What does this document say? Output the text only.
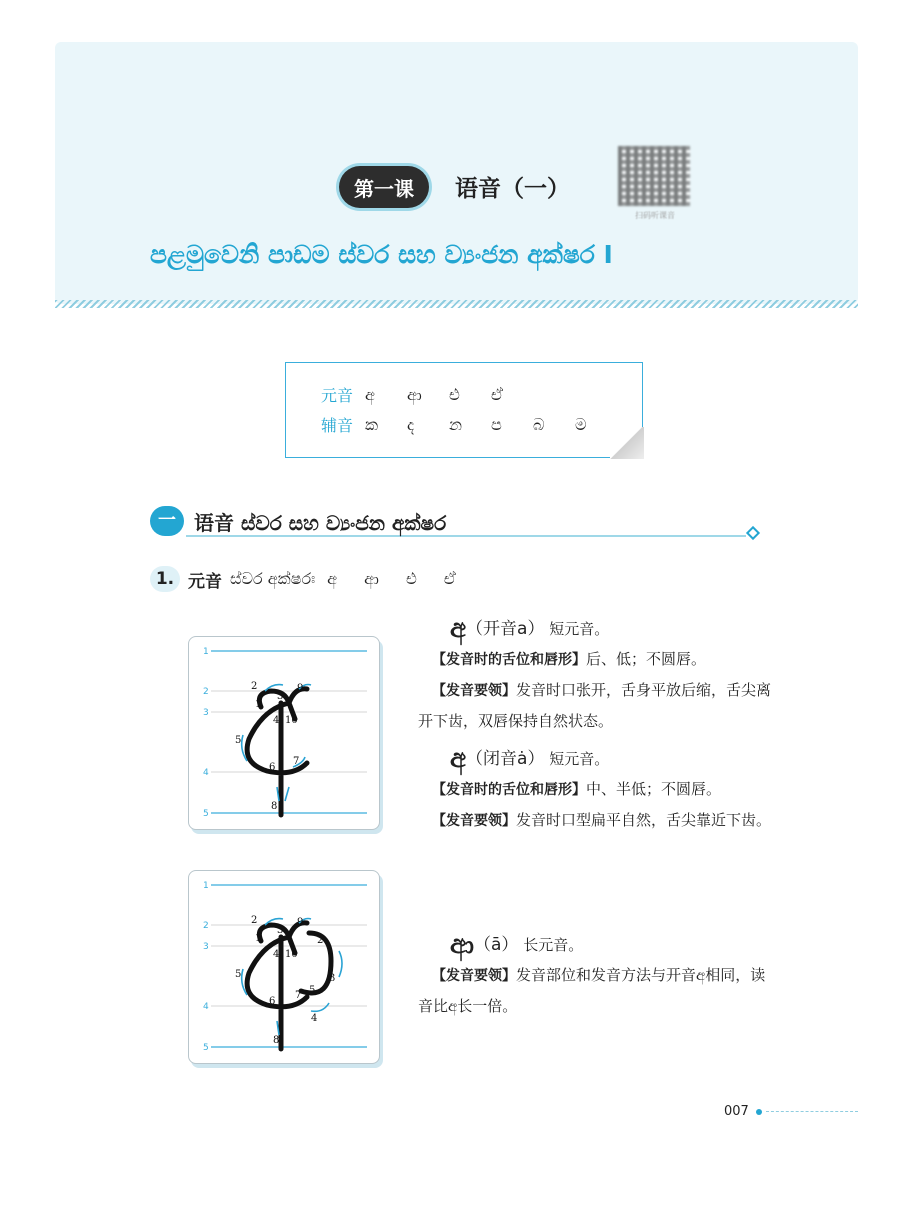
第一课	语音（一）
扫码听课音
පළමුවෙනි පාඩම ස්වර සහ ව්‍යංජන අක්ෂර I
元音 අ	ආ	එ	ඒ
辅音 ක	ද	න	ප	බ	ම
一 语音 ස්වර සහ ව්‍යංජන අක්ෂර
1. 元音 ස්වර අක්ෂරඃ අ ආ එ ඒ
1
2
3
4
5
2
3
9
1
4 10
5
6
7
8
1
2
3
4
5
2
3
9
1
4 10
2
3
5
5
6
7
4
8
අ（开音a） 短元音。
【发音时的舌位和唇形】后、低；不圆唇。
【发音要领】发音时口张开，舌身平放后缩，舌尖离开下齿，双唇保持自然状态。
අ（闭音ȧ） 短元音。
【发音时的舌位和唇形】中、半低；不圆唇。
【发音要领】发音时口型扁平自然，舌尖靠近下齿。
ආ（ā） 长元音。
【发音要领】发音部位和发音方法与开音අ相同，读音比අ长一倍。
007
